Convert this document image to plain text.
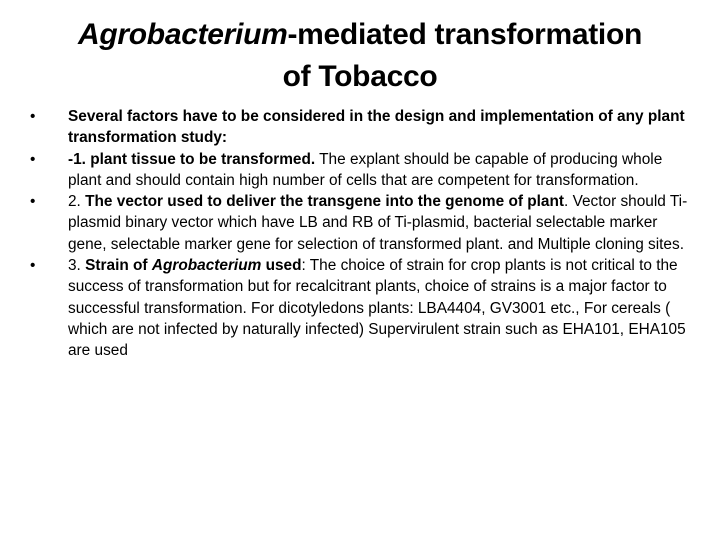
Agrobacterium-mediated transformation
of Tobacco

•	Several factors have to be considered in the design and implementation of any plant transformation study:

•	-1. plant tissue to be transformed. The explant should be capable of producing whole plant and should contain high number of cells that are competent for transformation.

•	2. The vector used to deliver the transgene into the genome of plant. Vector should Ti-plasmid binary vector which have LB and RB of Ti-plasmid, bacterial selectable marker gene, selectable marker gene for selection of transformed plant. and Multiple cloning sites.

•	3. Strain of Agrobacterium used: The choice of strain for crop plants is not critical to the success of transformation but for recalcitrant plants, choice of strains is a major factor to successful transformation. For dicotyledons plants: LBA4404, GV3001 etc., For cereals ( which are not infected by naturally infected) Supervirulent strain such as EHA101, EHA105 are used
